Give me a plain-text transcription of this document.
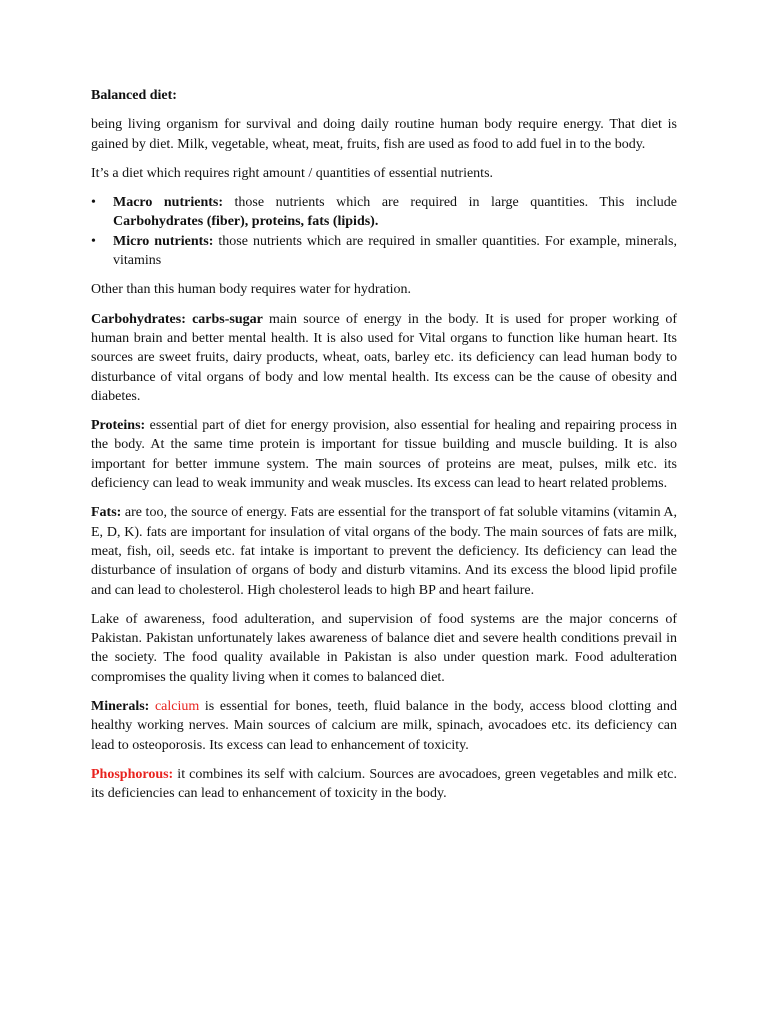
Balanced diet:

being living organism for survival and doing daily routine human body require energy. That diet is gained by diet. Milk, vegetable, wheat, meat, fruits, fish are used as food to add fuel in to the body.

It’s a diet which requires right amount / quantities of essential nutrients.

• Macro nutrients: those nutrients which are required in large quantities. This include Carbohydrates (fiber), proteins, fats (lipids).
• Micro nutrients: those nutrients which are required in smaller quantities. For example, minerals, vitamins

Other than this human body requires water for hydration.

Carbohydrates: carbs-sugar main source of energy in the body. It is used for proper working of human brain and better mental health. It is also used for Vital organs to function like human heart. Its sources are sweet fruits, dairy products, wheat, oats, barley etc. its deficiency can lead human body to disturbance of vital organs of body and low mental health. Its excess can be the cause of obesity and diabetes.

Proteins: essential part of diet for energy provision, also essential for healing and repairing process in the body. At the same time protein is important for tissue building and muscle building. It is also important for better immune system. The main sources of proteins are meat, pulses, milk etc. its deficiency can lead to weak immunity and weak muscles. Its excess can lead to heart related problems.

Fats: are too, the source of energy. Fats are essential for the transport of fat soluble vitamins (vitamin A, E, D, K). fats are important for insulation of vital organs of the body. The main sources of fats are milk, meat, fish, oil, seeds etc. fat intake is important to prevent the deficiency. Its deficiency can lead the disturbance of insulation of organs of body and disturb vitamins. And its excess the blood lipid profile and can lead to cholesterol. High cholesterol leads to high BP and heart failure.

Lake of awareness, food adulteration, and supervision of food systems are the major concerns of Pakistan. Pakistan unfortunately lakes awareness of balance diet and severe health conditions prevail in the society. The food quality available in Pakistan is also under question mark. Food adulteration compromises the quality living when it comes to balanced diet.

Minerals: calcium is essential for bones, teeth, fluid balance in the body, access blood clotting and healthy working nerves. Main sources of calcium are milk, spinach, avocadoes etc. its deficiency can lead to osteoporosis. Its excess can lead to enhancement of toxicity.

Phosphorous: it combines its self with calcium. Sources are avocadoes, green vegetables and milk etc. its deficiencies can lead to enhancement of toxicity in the body.
